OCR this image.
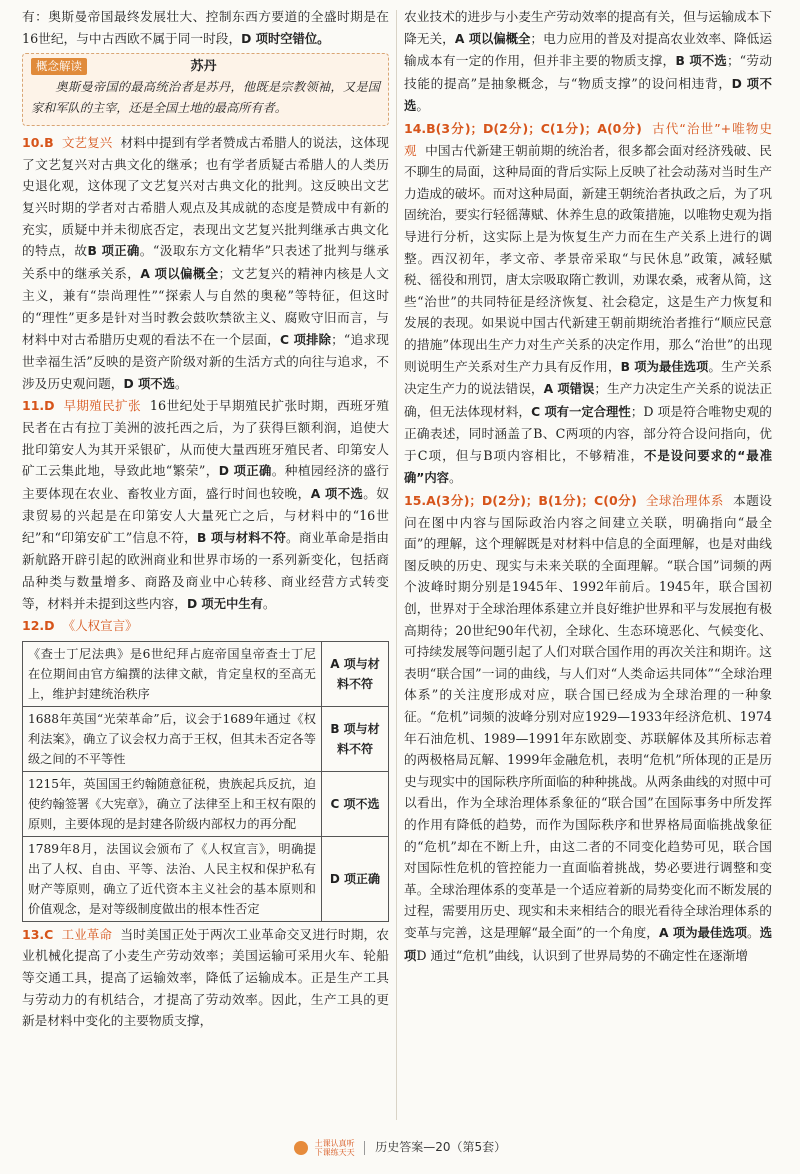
有：奥斯曼帝国最终发展壮大、控制东西方要道的全盛时期是在16世纪，与中古西欧不属于同一时段，D 项时空错位。

概念解读	苏丹
奥斯曼帝国的最高统治者是苏丹，他既是宗教领袖，又是国家和军队的主宰，还是全国土地的最高所有者。

10.B 文艺复兴 材料中提到有学者赞成古希腊人的说法，这体现了文艺复兴对古典文化的继承；也有学者质疑古希腊人的人类历史退化观，这体现了文艺复兴对古典文化的批判。这反映出文艺复兴时期的学者对古希腊人观点及其成就的态度是赞成中有新的充实，质疑中并未彻底否定，表现出文艺复兴批判继承古典文化的特点，故B 项正确。“汲取东方文化精华”只表述了批判与继承关系中的继承关系，A 项以偏概全；文艺复兴的精神内核是人文主义，兼有“崇尚理性”“探索人与自然的奥秘”等特征，但这时的“理性”更多是针对当时教会鼓吹禁欲主义、腐败守旧而言，与材料中对古希腊历史观的看法不在一个层面，C 项排除；“追求现世幸福生活”反映的是资产阶级对新的生活方式的向往与追求，不涉及历史观问题，D 项不选。

11.D 早期殖民扩张 16世纪处于早期殖民扩张时期，西班牙殖民者在古有拉丁美洲的波托西之后，为了获得巨额利润，追使大批印第安人为其开采银矿，从而使大量西班牙殖民者、印第安人矿工云集此地，导致此地“繁荣”，D 项正确。种植园经济的盛行主要体现在农业、畜牧业方面，盛行时间也较晚，A 项不选。奴隶贸易的兴起是在印第安人大量死亡之后，与材料中的“16世纪”和“印第安矿工”信息不符，B 项与材料不符。商业革命是指由新航路开辟引起的欧洲商业和世界市场的一系列新变化，包括商品种类与数量增多、商路及商业中心转移、商业经营方式转变等，材料并未提到这些内容，D 项无中生有。

12.D 《人权宣言》

《查士丁尼法典》是6世纪拜占庭帝国皇帝查士丁尼在位期间由官方编撰的法律文献，肯定皇权的至高无上，维护封建统治秩序	A 项与材料不符
1688年英国“光荣革命”后，议会于1689年通过《权利法案》，确立了议会权力高于王权，但其未否定各等级之间的不平等性	B 项与材料不符
1215年，英国国王约翰随意征税，贵族起兵反抗，迫使约翰签署《大宪章》，确立了法律至上和王权有限的原则，主要体现的是封建各阶级内部权力的再分配	C 项不选
1789年8月，法国议会颁布了《人权宣言》，明确提出了人权、自由、平等、法治、人民主权和保护私有财产等原则，确立了近代资本主义社会的基本原则和价值观念，是对等级制度做出的根本性否定	D 项正确

13.C 工业革命 当时美国正处于两次工业革命交叉进行时期，农业机械化提高了小麦生产劳动效率；美国运输可采用火车、轮船等交通工具，提高了运输效率，降低了运输成本。正是生产工具与劳动力的有机结合，才提高了劳动效率。因此，生产工具的更新是材料中变化的主要物质支撑，

农业技术的进步与小麦生产劳动效率的提高有关，但与运输成本下降无关，A 项以偏概全；电力应用的普及对提高农业效率、降低运输成本有一定的作用，但并非主要的物质支撑，B 项不选；“劳动技能的提高”是抽象概念，与“物质支撑”的设问相违背，D 项不选。

14.B(3分)；D(2分)；C(1分)；A(0分) 古代“治世”+唯物史观 中国古代新建王朝前期的统治者，很多都会面对经济残破、民不聊生的局面，这种局面的背后实际上反映了社会动荡对当时生产力造成的破坏。而对这种局面，新建王朝统治者执政之后，为了巩固统治，要实行轻徭薄赋、休养生息的政策措施，以唯物史观为指导进行分析，这实际上是为恢复生产力而在生产关系上进行的调整。西汉初年，孝文帝、孝景帝采取“与民休息”政策，减轻赋税、徭役和刑罚，唐太宗吸取隋亡教训，劝课农桑，戒奢从简，这些“治世”的共同特征是经济恢复、社会稳定，这是生产力恢复和发展的表现。如果说中国古代新建王朝前期统治者推行“顺应民意的措施”体现出生产力对生产关系的决定作用，那么“治世”的出现则说明生产关系对生产力具有反作用，B 项为最佳选项。生产关系决定生产力的说法错误，A 项错误；生产力决定生产关系的说法正确，但无法体现材料，C 项有一定合理性；D 项是符合唯物史观的正确表述，同时涵盖了B、C两项的内容，部分符合设问指向，优于C项，但与B项内容相比，不够精准，不是设问要求的“最准确”内容。

15.A(3分)；D(2分)；B(1分)；C(0分) 全球治理体系 本题设问在图中内容与国际政治内容之间建立关联，明确指向“最全面”的理解，这个理解既是对材料中信息的全面理解，也是对曲线图反映的历史、现实与未来关联的全面理解。“联合国”词频的两个波峰时期分别是1945年、1992年前后。1945年，联合国初创，世界对于全球治理体系建立并良好维护世界和平与发展抱有极高期待；20世纪90年代初，全球化、生态环境恶化、气候变化、可持续发展等问题引起了人们对联合国作用的再次关注和期许。这表明“联合国”一词的曲线，与人们对“人类命运共同体”“全球治理体系”的关注度形成对应，联合国已经成为全球治理的一种象征。“危机”词频的波峰分别对应1929—1933年经济危机、1974年石油危机、1989—1991年东欧剧变、苏联解体及其所标志着的两极格局瓦解、1999年金融危机，表明“危机”所体现的正是历史与现实中的国际秩序所面临的种种挑战。从两条曲线的对照中可以看出，作为全球治理体系象征的“联合国”在国际事务中所发挥的作用有降低的趋势，而作为国际秩序和世界格局面临挑战象征的“危机”却在不断上升，由这二者的不同变化趋势可见，联合国对国际性危机的管控能力一直面临着挑战，势必要进行调整和变革。全球治理体系的变革是一个适应着新的局势变化而不断发展的过程，需要用历史、现实和未来相结合的眼光看待全球治理体系的变革与完善，这是理解“最全面”的一个角度，A 项为最佳选项。选项D 通过“危机”曲线，认识到了世界局势的不确定性在逐渐增

土课认真听
下课练天天 历史答案—20（第5套）
